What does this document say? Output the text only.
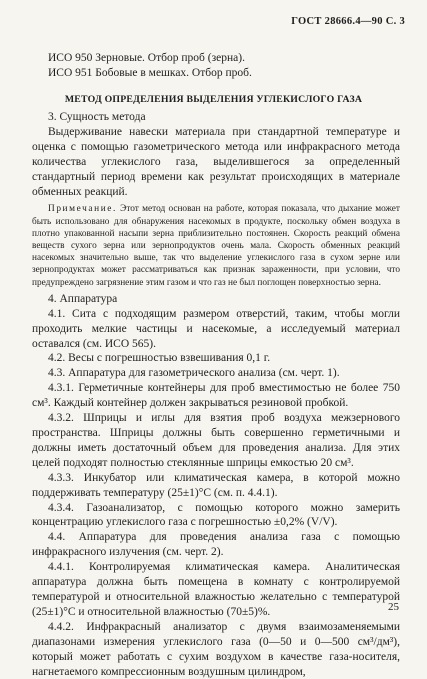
ГОСТ 28666.4—90 С. 3
ИСО 950 Зерновые. Отбор проб (зерна).
ИСО 951 Бобовые в мешках. Отбор проб.
МЕТОД ОПРЕДЕЛЕНИЯ ВЫДЕЛЕНИЯ УГЛЕКИСЛОГО ГАЗА

3. Сущность метода

Выдерживание навески материала при стандартной температуре и оценка с помощью газометрического метода или инфракрасного метода количества углекислого газа, выделившегося за определенный стандартный период времени как результат происходящих в материале обменных реакций.

Примечание. Этот метод основан на работе, которая показала, что дыхание может быть использовано для обнаружения насекомых в продукте, поскольку обмен воздуха в плотно упакованной насыпи зерна приблизительно постоянен. Скорость реакций обмена веществ сухого зерна или зернопродуктов очень мала. Скорость обменных реакций насекомых значительно выше, так что выделение углекислого газа в сухом зерне или зернопродуктах может рассматриваться как признак зараженности, при условии, что предупреждено загрязнение этим газом и что газ не был поглощен поверхностью зерна.

4. Аппаратура

4.1. Сита с подходящим размером отверстий, таким, чтобы могли проходить мелкие частицы и насекомые, а исследуемый материал оставался (см. ИСО 565).

4.2. Весы с погрешностью взвешивания 0,1 г.

4.3. Аппаратура для газометрического анализа (см. черт. 1).

4.3.1. Герметичные контейнеры для проб вместимостью не более 750 см³. Каждый контейнер должен закрываться резиновой пробкой.

4.3.2. Шприцы и иглы для взятия проб воздуха межзернового пространства. Шприцы должны быть совершенно герметичными и должны иметь достаточный объем для проведения анализа. Для этих целей подходят полностью стеклянные шприцы емкостью 20 см³.

4.3.3. Инкубатор или климатическая камера, в которой можно поддерживать температуру (25±1)°С (см. п. 4.4.1).

4.3.4. Газоанализатор, с помощью которого можно замерить концентрацию углекислого газа с погрешностью ±0,2% (V/V).

4.4. Аппаратура для проведения анализа газа с помощью инфракрасного излучения (см. черт. 2).

4.4.1. Контролируемая климатическая камера. Аналитическая аппаратура должна быть помещена в комнату с контролируемой температурой и относительной влажностью желательно с температурой (25±1)°С и относительной влажностью (70±5)%.

4.4.2. Инфракрасный анализатор с двумя взаимозаменяемыми диапазонами измерения углекислого газа (0—50 и 0—500 см³/дм³), который может работать с сухим воздухом в качестве газа-носителя, нагнетаемого компрессионным воздушным цилиндром,

25
